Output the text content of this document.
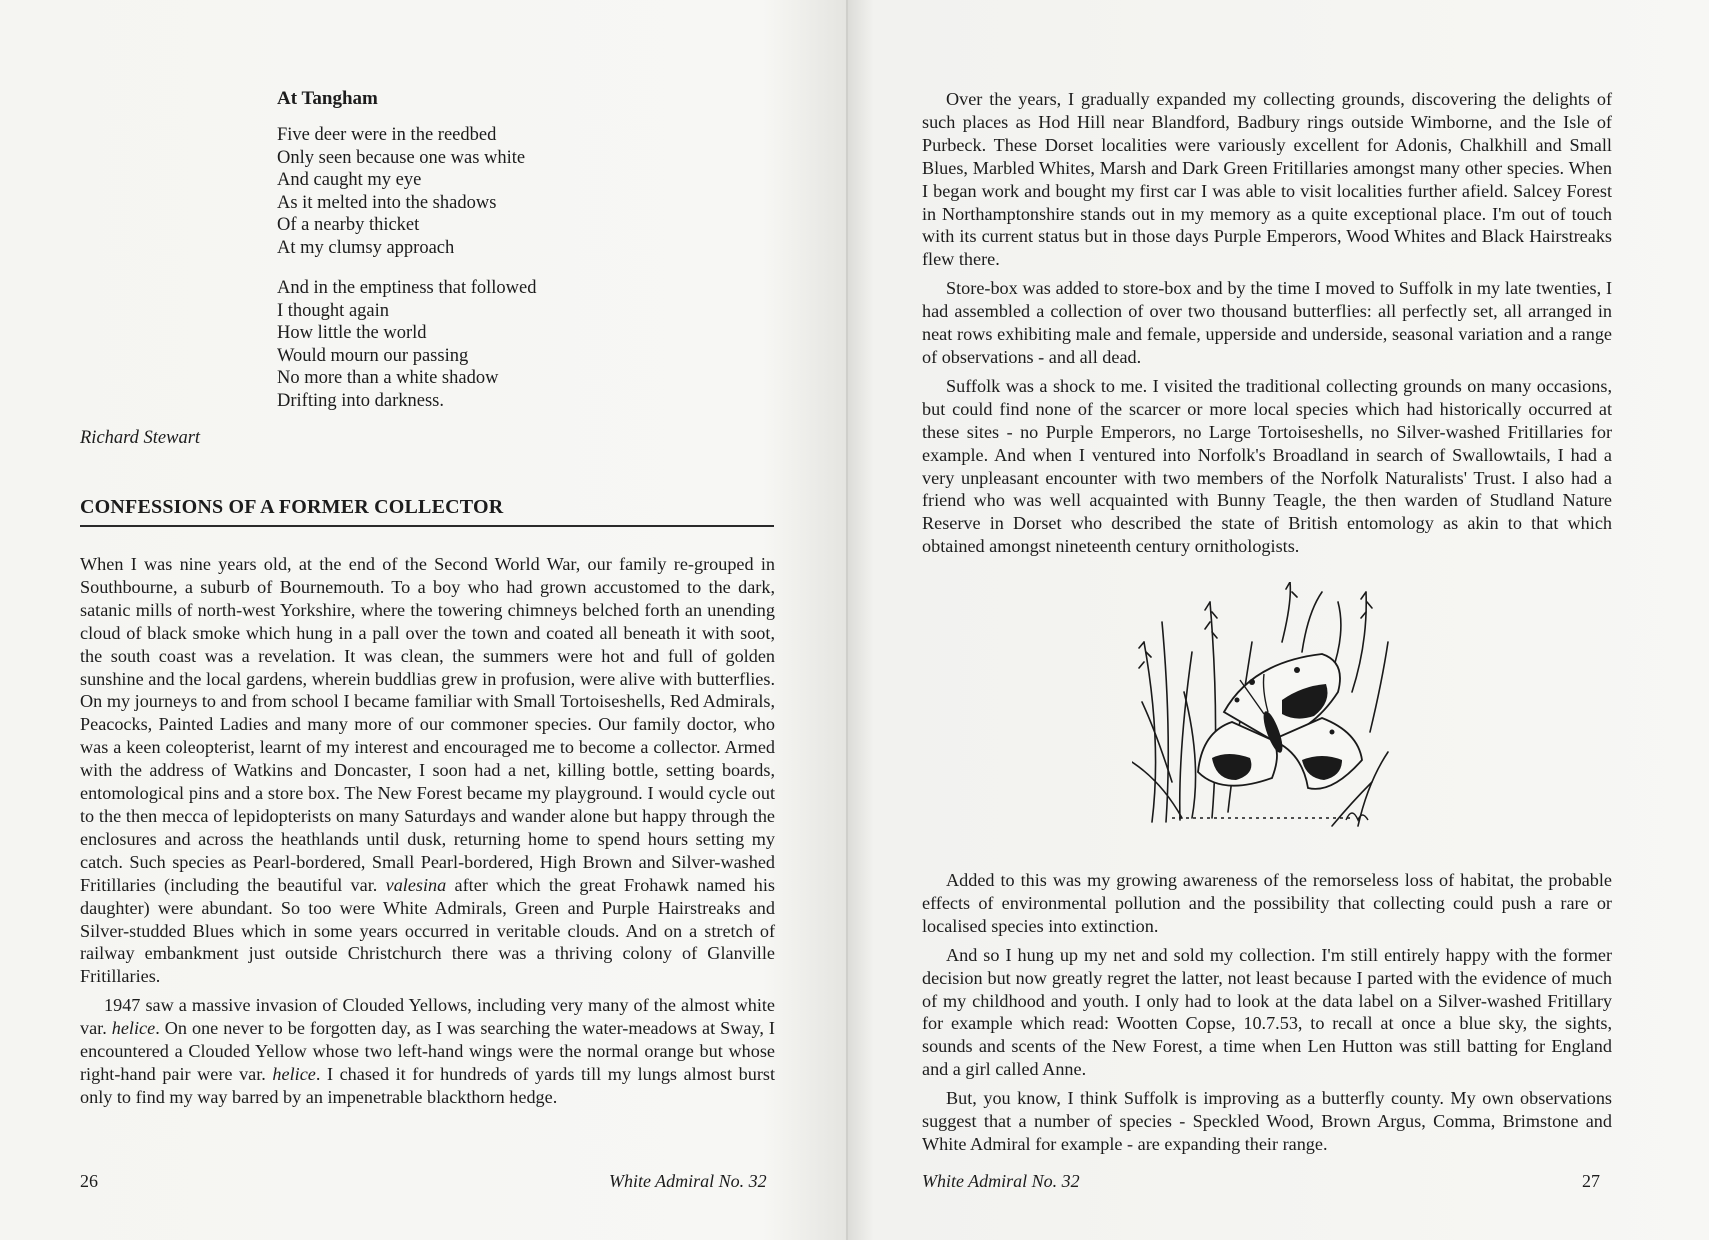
At Tangham
Five deer were in the reedbed
Only seen because one was white
And caught my eye
As it melted into the shadows
Of a nearby thicket
At my clumsy approach
And in the emptiness that followed
I thought again
How little the world
Would mourn our passing
No more than a white shadow
Drifting into darkness.
Richard Stewart
CONFESSIONS OF A FORMER COLLECTOR

When I was nine years old, at the end of the Second World War, our family re-grouped in Southbourne, a suburb of Bournemouth. To a boy who had grown accustomed to the dark, satanic mills of north-west Yorkshire, where the towering chimneys belched forth an unending cloud of black smoke which hung in a pall over the town and coated all beneath it with soot, the south coast was a revelation. It was clean, the summers were hot and full of golden sunshine and the local gardens, wherein buddlias grew in profusion, were alive with butterflies. On my journeys to and from school I became familiar with Small Tortoiseshells, Red Admirals, Peacocks, Painted Ladies and many more of our commoner species. Our family doctor, who was a keen coleopterist, learnt of my interest and encouraged me to become a collector. Armed with the address of Watkins and Doncaster, I soon had a net, killing bottle, setting boards, entomological pins and a store box. The New Forest became my playground. I would cycle out to the then mecca of lepidopterists on many Saturdays and wander alone but happy through the enclosures and across the heathlands until dusk, returning home to spend hours setting my catch. Such species as Pearl-bordered, Small Pearl-bordered, High Brown and Silver-washed Fritillaries (including the beautiful var. valesina after which the great Frohawk named his daughter) were abundant. So too were White Admirals, Green and Purple Hairstreaks and Silver-studded Blues which in some years occurred in veritable clouds. And on a stretch of railway embankment just outside Christchurch there was a thriving colony of Glanville Fritillaries.

1947 saw a massive invasion of Clouded Yellows, including very many of the almost white var. helice. On one never to be forgotten day, as I was searching the water-meadows at Sway, I encountered a Clouded Yellow whose two left-hand wings were the normal orange but whose right-hand pair were var. helice. I chased it for hundreds of yards till my lungs almost burst only to find my way barred by an impenetrable blackthorn hedge.

26	White Admiral No. 32

Over the years, I gradually expanded my collecting grounds, discovering the delights of such places as Hod Hill near Blandford, Badbury rings outside Wimborne, and the Isle of Purbeck. These Dorset localities were variously excellent for Adonis, Chalkhill and Small Blues, Marbled Whites, Marsh and Dark Green Fritillaries amongst many other species. When I began work and bought my first car I was able to visit localities further afield. Salcey Forest in Northamptonshire stands out in my memory as a quite exceptional place. I'm out of touch with its current status but in those days Purple Emperors, Wood Whites and Black Hairstreaks flew there.

Store-box was added to store-box and by the time I moved to Suffolk in my late twenties, I had assembled a collection of over two thousand butterflies: all perfectly set, all arranged in neat rows exhibiting male and female, upperside and underside, seasonal variation and a range of observations - and all dead.

Suffolk was a shock to me. I visited the traditional collecting grounds on many occasions, but could find none of the scarcer or more local species which had historically occurred at these sites - no Purple Emperors, no Large Tortoiseshells, no Silver-washed Fritillaries for example. And when I ventured into Norfolk's Broadland in search of Swallowtails, I had a very unpleasant encounter with two members of the Norfolk Naturalists' Trust. I also had a friend who was well acquainted with Bunny Teagle, the then warden of Studland Nature Reserve in Dorset who described the state of British entomology as akin to that which obtained amongst nineteenth century ornithologists.

Added to this was my growing awareness of the remorseless loss of habitat, the probable effects of environmental pollution and the possibility that collecting could push a rare or localised species into extinction.

And so I hung up my net and sold my collection. I'm still entirely happy with the former decision but now greatly regret the latter, not least because I parted with the evidence of much of my childhood and youth. I only had to look at the data label on a Silver-washed Fritillary for example which read: Wootten Copse, 10.7.53, to recall at once a blue sky, the sights, sounds and scents of the New Forest, a time when Len Hutton was still batting for England and a girl called Anne.

But, you know, I think Suffolk is improving as a butterfly county. My own observations suggest that a number of species - Speckled Wood, Brown Argus, Comma, Brimstone and White Admiral for example - are expanding their range.

White Admiral No. 32	27
